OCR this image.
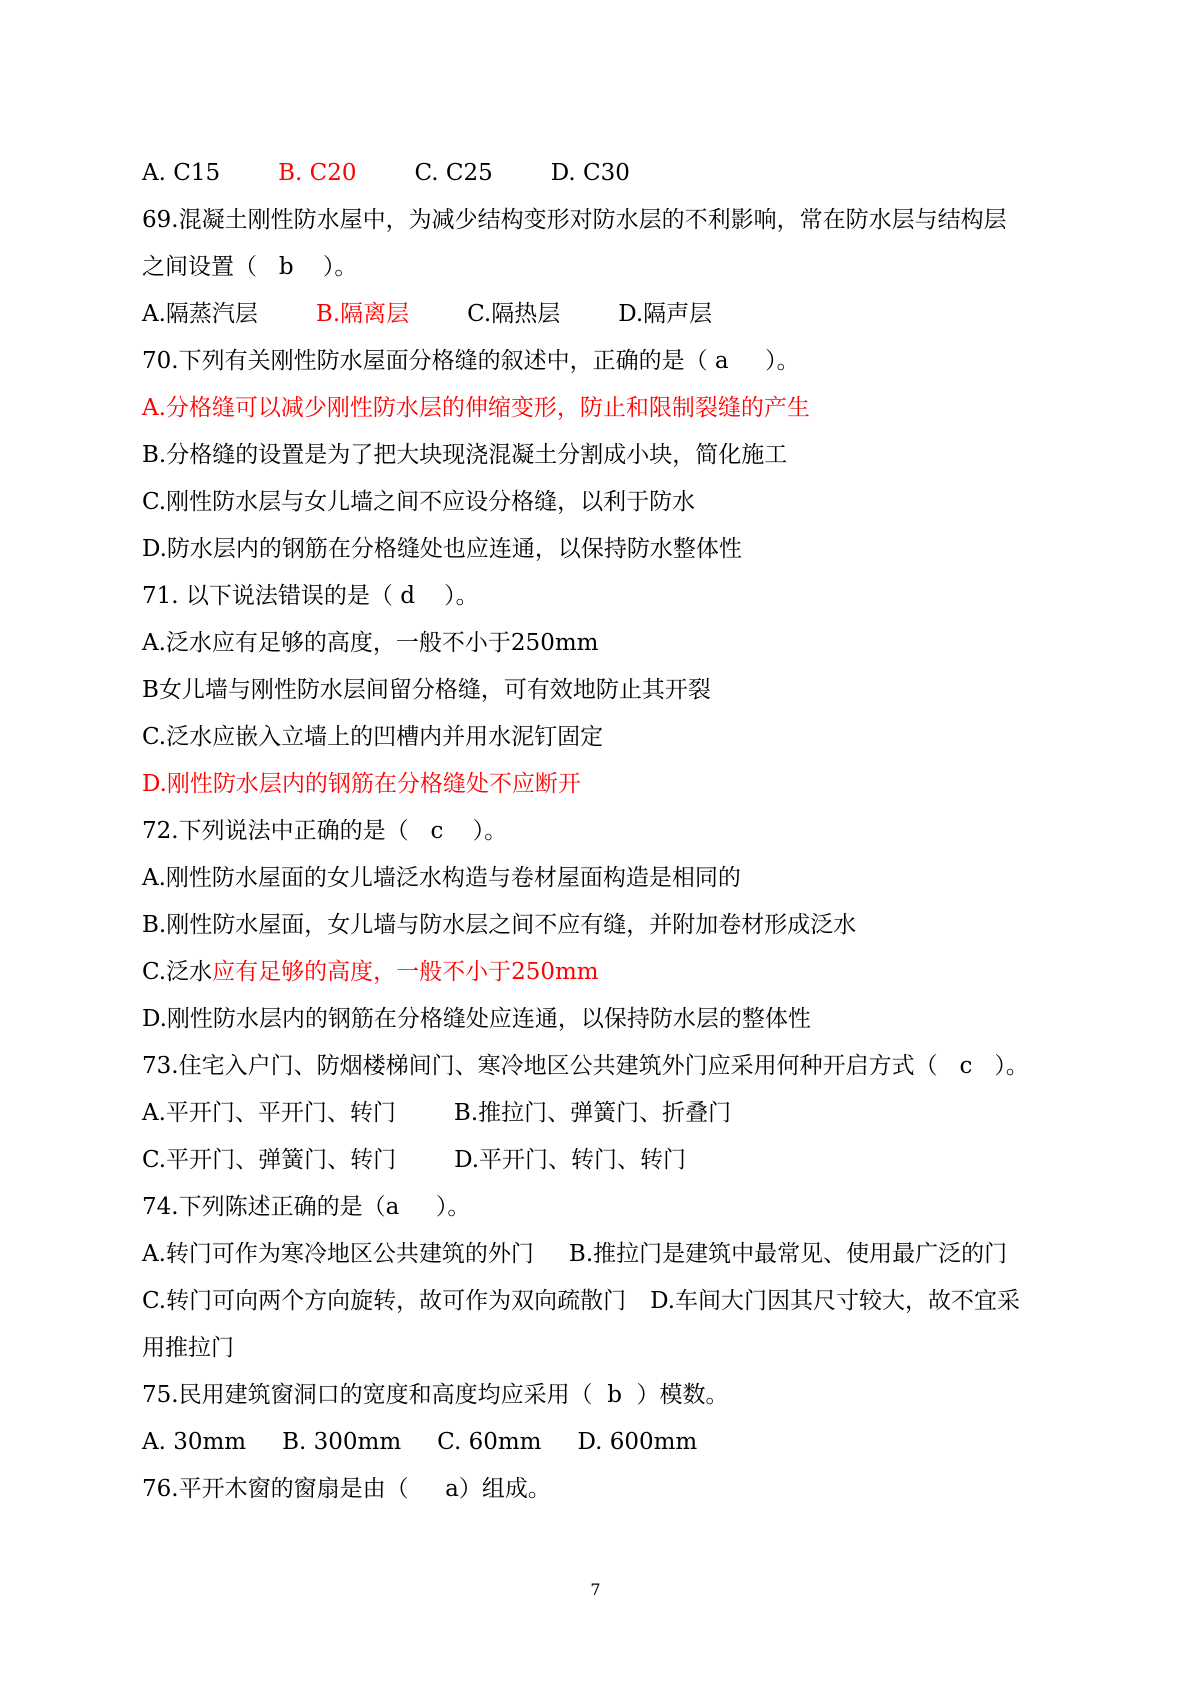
A. C15	B. C20	C. C25	D. C30
69.混凝土刚性防水屋中，为减少结构变形对防水层的不利影响，常在防水层与结构层
之间设置（   b    ）。
A.隔蒸汽层	B.隔离层	C.隔热层	D.隔声层
70.下列有关刚性防水屋面分格缝的叙述中，正确的是（ a     ）。
A.分格缝可以减少刚性防水层的伸缩变形，防止和限制裂缝的产生
B.分格缝的设置是为了把大块现浇混凝土分割成小块，简化施工
C.刚性防水层与女儿墙之间不应设分格缝，以利于防水
D.防水层内的钢筋在分格缝处也应连通，以保持防水整体性
71. 以下说法错误的是（ d    ）。
A.泛水应有足够的高度，一般不小于250mm
B女儿墙与刚性防水层间留分格缝，可有效地防止其开裂
C.泛水应嵌入立墙上的凹槽内并用水泥钉固定
D.刚性防水层内的钢筋在分格缝处不应断开
72.下列说法中正确的是（   c    ）。
A.刚性防水屋面的女儿墙泛水构造与卷材屋面构造是相同的
B.刚性防水屋面，女儿墙与防水层之间不应有缝，并附加卷材形成泛水
C.泛水应有足够的高度，一般不小于250mm
D.刚性防水层内的钢筋在分格缝处应连通，以保持防水层的整体性
73.住宅入户门、防烟楼梯间门、寒冷地区公共建筑外门应采用何种开启方式（   c   ）。
A.平开门、平开门、转门	B.推拉门、弹簧门、折叠门
C.平开门、弹簧门、转门	D.平开门、转门、转门
74.下列陈述正确的是（a     ）。
A.转门可作为寒冷地区公共建筑的外门 B.推拉门是建筑中最常见、使用最广泛的门
C.转门可向两个方向旋转，故可作为双向疏散门 D.车间大门因其尺寸较大，故不宜采
用推拉门
75.民用建筑窗洞口的宽度和高度均应采用（  b  ）模数。
A. 30mm B. 300mm C. 60mm D. 600mm
76.平开木窗的窗扇是由（     a）组成。
7
